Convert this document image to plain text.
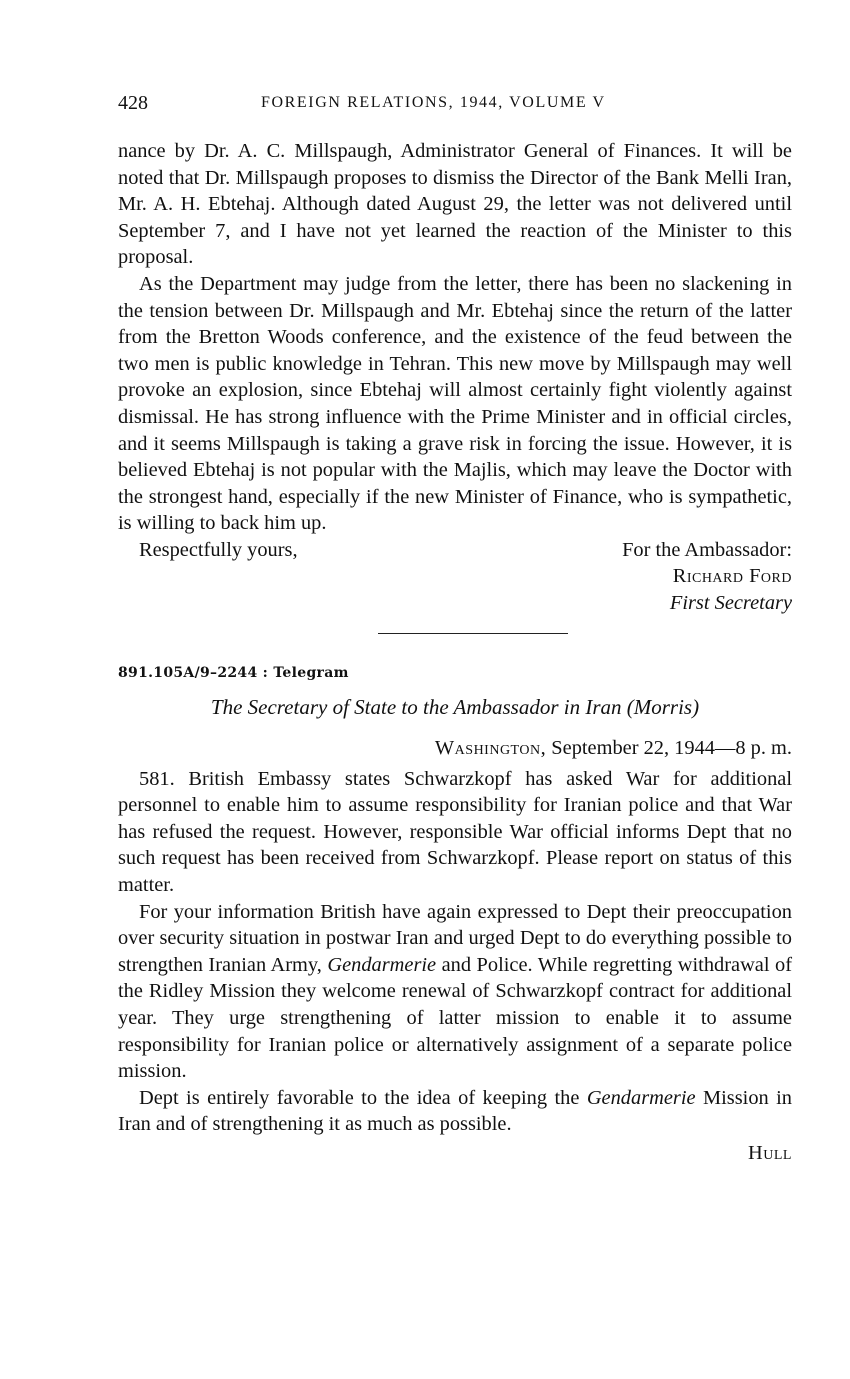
428	FOREIGN RELATIONS, 1944, VOLUME V

nance by Dr. A. C. Millspaugh, Administrator General of Finances. It will be noted that Dr. Millspaugh proposes to dismiss the Director of the Bank Melli Iran, Mr. A. H. Ebtehaj. Although dated August 29, the letter was not delivered until September 7, and I have not yet learned the reaction of the Minister to this proposal.

As the Department may judge from the letter, there has been no slackening in the tension between Dr. Millspaugh and Mr. Ebtehaj since the return of the latter from the Bretton Woods conference, and the existence of the feud between the two men is public knowledge in Tehran. This new move by Millspaugh may well provoke an explosion, since Ebtehaj will almost certainly fight violently against dismissal. He has strong influence with the Prime Minister and in official circles, and it seems Millspaugh is taking a grave risk in forcing the issue. However, it is believed Ebtehaj is not popular with the Majlis, which may leave the Doctor with the strongest hand, especially if the new Minister of Finance, who is sympathetic, is willing to back him up.

Respectfully yours,	For the Ambassador:
Richard Ford
First Secretary
891.105A/9–2244 : Telegram
The Secretary of State to the Ambassador in Iran (Morris)
Washington, September 22, 1944—8 p. m.

581. British Embassy states Schwarzkopf has asked War for additional personnel to enable him to assume responsibility for Iranian police and that War has refused the request. However, responsible War official informs Dept that no such request has been received from Schwarzkopf. Please report on status of this matter.

For your information British have again expressed to Dept their preoccupation over security situation in postwar Iran and urged Dept to do everything possible to strengthen Iranian Army, Gendarmerie and Police. While regretting withdrawal of the Ridley Mission they welcome renewal of Schwarzkopf contract for additional year. They urge strengthening of latter mission to enable it to assume responsibility for Iranian police or alternatively assignment of a separate police mission.

Dept is entirely favorable to the idea of keeping the Gendarmerie Mission in Iran and of strengthening it as much as possible.

Hull
